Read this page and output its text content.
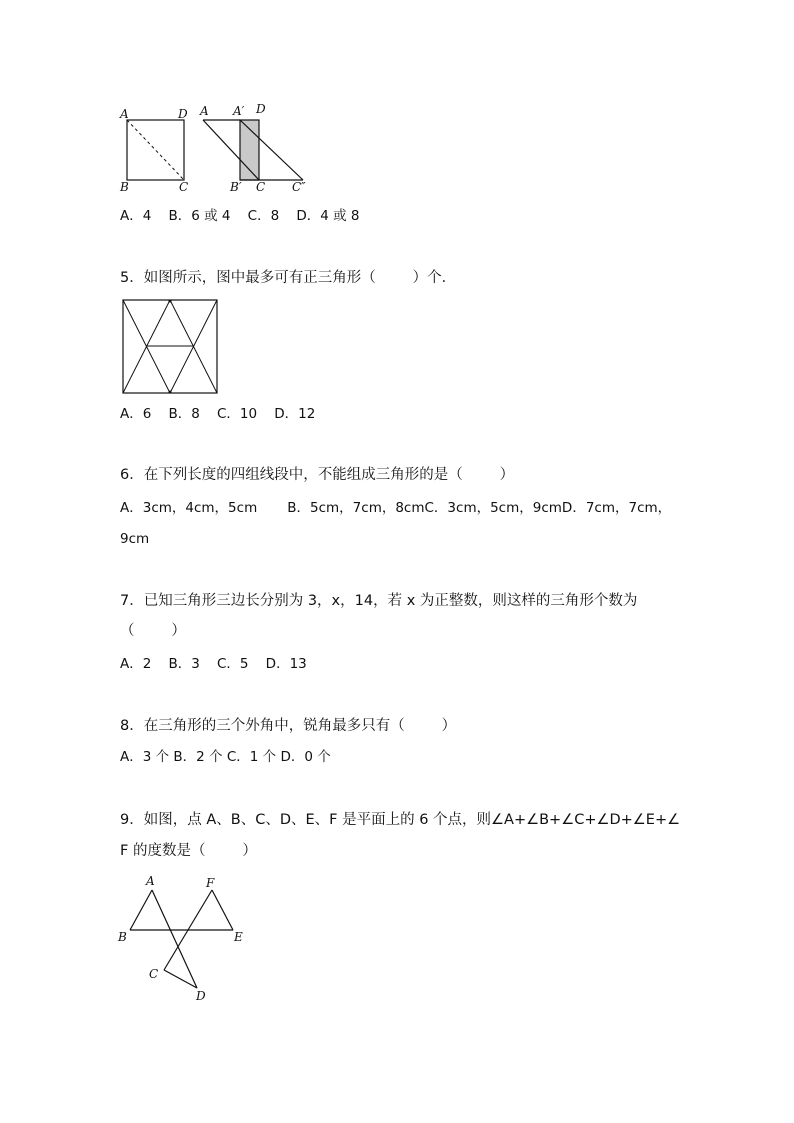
A	D
B	C
A A′ D
B′ C C″
A．4    B．6 或 4    C．8    D．4 或 8
5．如图所示，图中最多可有正三角形（        ）个．
A．6    B．8    C．10    D．12
6．在下列长度的四组线段中，不能组成三角形的是（        ）
A．3cm，4cm，5cm       B．5cm，7cm，8cmC．3cm，5cm，9cmD．7cm，7cm，
9cm
7．已知三角形三边长分别为 3，x，14，若 x 为正整数，则这样的三角形个数为
（        ）
A．2    B．3    C．5    D．13
8．在三角形的三个外角中，锐角最多只有（        ）
A．3 个 B．2 个 C．1 个 D．0 个
9．如图，点 A、B、C、D、E、F 是平面上的 6 个点，则∠A+∠B+∠C+∠D+∠E+∠
F 的度数是（        ）
A	F
B	E
C
D
